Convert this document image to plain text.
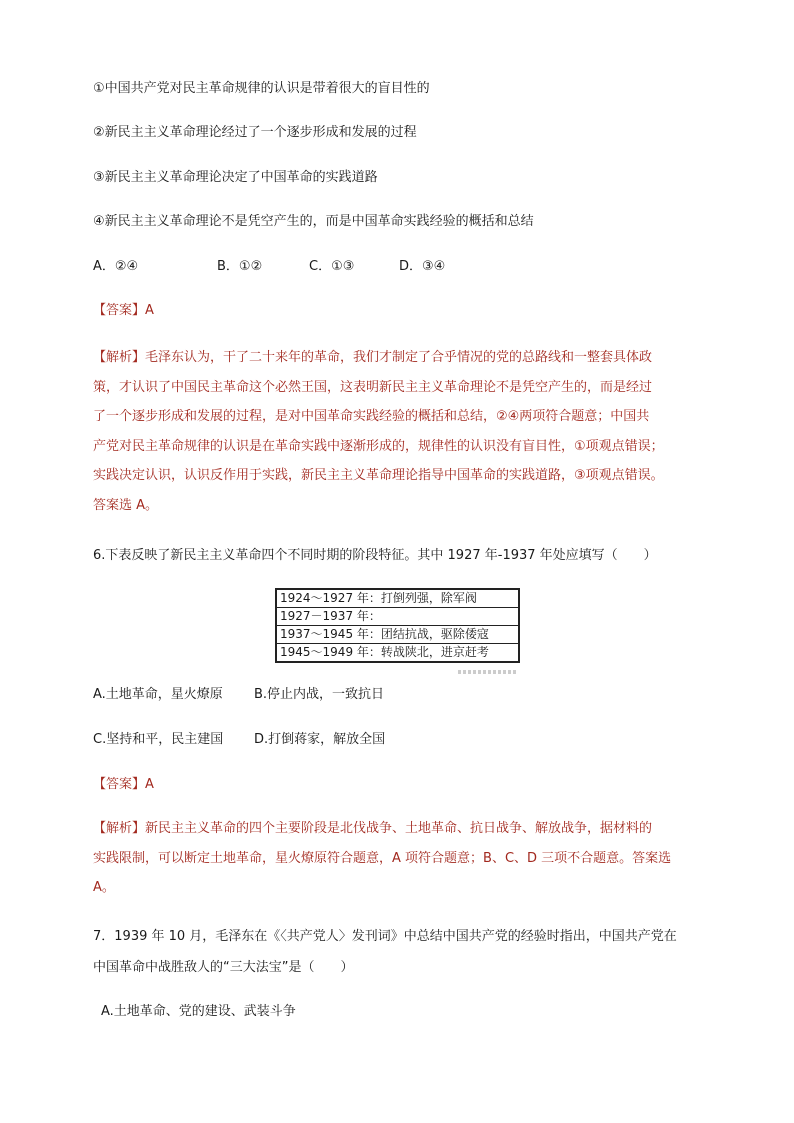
①中国共产党对民主革命规律的认识是带着很大的盲目性的
②新民主主义革命理论经过了一个逐步形成和发展的过程
③新民主主义革命理论决定了中国革命的实践道路
④新民主主义革命理论不是凭空产生的，而是中国革命实践经验的概括和总结
A．②④	B．①②	C．①③	D．③④
【答案】A
【解析】毛泽东认为，干了二十来年的革命，我们才制定了合乎情况的党的总路线和一整套具体政
策，才认识了中国民主革命这个必然王国，这表明新民主主义革命理论不是凭空产生的，而是经过
了一个逐步形成和发展的过程，是对中国革命实践经验的概括和总结，②④两项符合题意；中国共
产党对民主革命规律的认识是在革命实践中逐渐形成的，规律性的认识没有盲目性，①项观点错误；
实践决定认识，认识反作用于实践，新民主主义革命理论指导中国革命的实践道路，③项观点错误。
答案选 A。
6.下表反映了新民主主义革命四个不同时期的阶段特征。其中 1927 年-1937 年处应填写（　　）
1924～1927 年：打倒列强，除军阀
1927－1937 年：
1937～1945 年：团结抗战，驱除倭寇
1945～1949 年：转战陕北，进京赶考
A.土地革命，星火燎原 B.停止内战，一致抗日
C.坚持和平，民主建国 D.打倒蒋家，解放全国
【答案】A
【解析】新民主主义革命的四个主要阶段是北伐战争、土地革命、抗日战争、解放战争，据材料的
实践限制，可以断定土地革命，星火燎原符合题意，A 项符合题意；B、C、D 三项不合题意。答案选
A。
7．1939 年 10 月，毛泽东在《〈共产党人〉发刊词》中总结中国共产党的经验时指出，中国共产党在
中国革命中战胜敌人的“三大法宝”是（　　）
A.土地革命、党的建设、武装斗争
